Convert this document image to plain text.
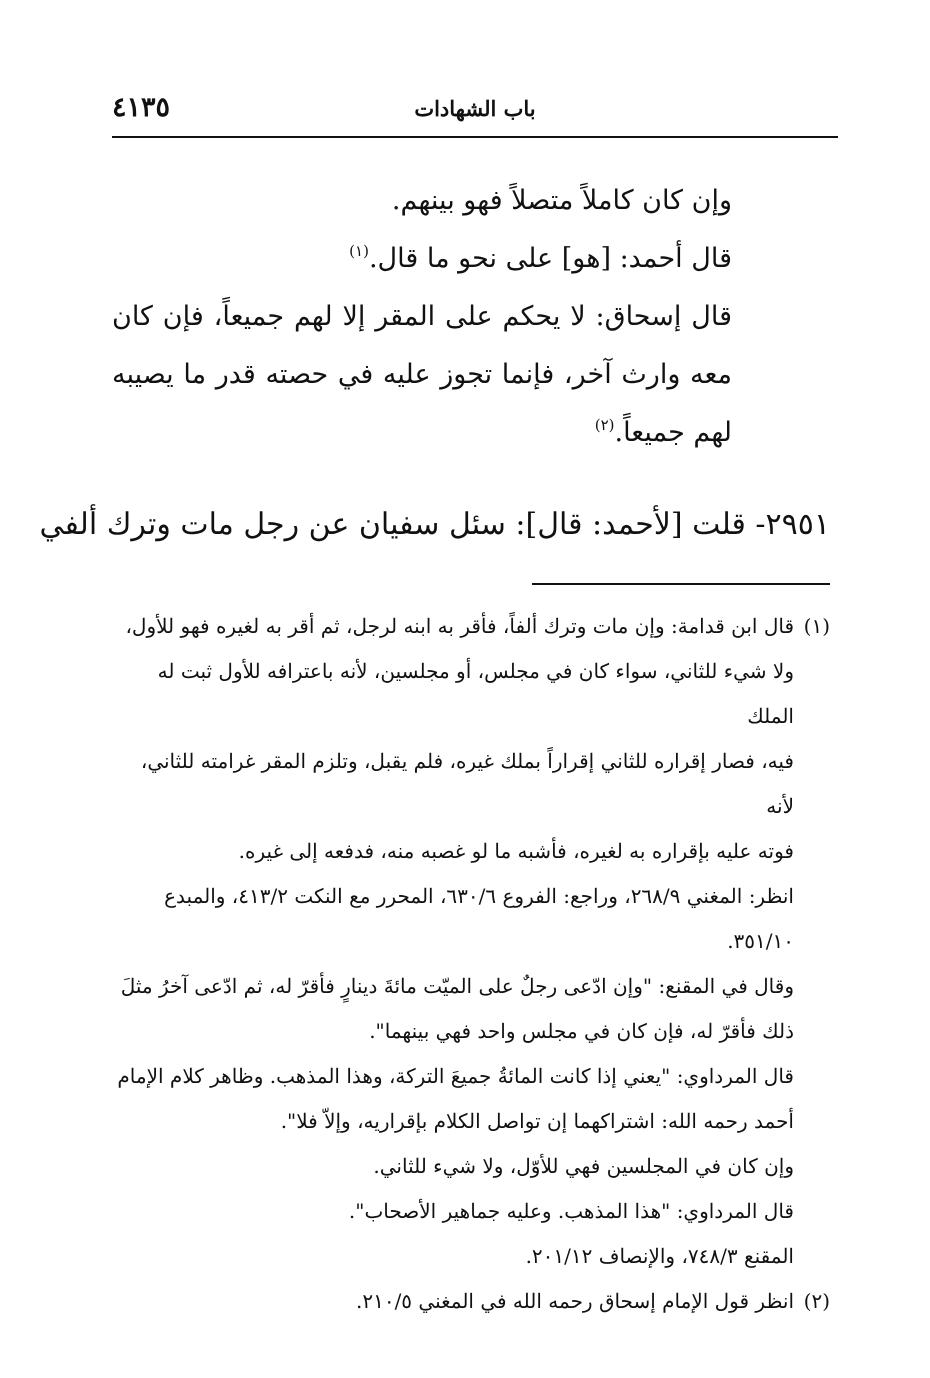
باب الشهادات
٤١٣٥

وإن كان كاملاً متصلاً فهو بينهم.

قال أحمد: [هو] على نحو ما قال.$^{(١)}$

قال إسحاق: لا يحكم على المقر إلا لهم جميعاً، فإن كان معه وارث آخر، فإنما تجوز عليه في حصته قدر ما يصيبه لهم جميعاً.$^{(٢)}$

٢٩٥١- قلت [لأحمد: قال]: سئل سفيان عن رجل مات وترك ألفي
(١)قال ابن قدامة: وإن مات وترك ألفاً، فأقر به ابنه لرجل، ثم أقر به لغيره فهو للأول،
ولا شيء للثاني، سواء كان في مجلس، أو مجلسين، لأنه باعترافه للأول ثبت له الملك
فيه، فصار إقراره للثاني إقراراً بملك غيره، فلم يقبل، وتلزم المقر غرامته للثاني، لأنه
فوته عليه بإقراره به لغيره، فأشبه ما لو غصبه منه، فدفعه إلى غيره.
انظر: المغني ٢٦٨/٩، وراجع: الفروع ٦٣٠/٦، المحرر مع النكت ٤١٣/٢، والمبدع
٣٥١/١٠.
وقال في المقنع: "وإن ادّعى رجلٌ على الميّت مائةَ دينارٍ فأقرّ له، ثم ادّعى آخرُ مثلَ
ذلك فأقرّ له، فإن كان في مجلس واحد فهي بينهما".
قال المرداوي: "يعني إذا كانت المائةُ جميعَ التركة، وهذا المذهب. وظاهر كلام الإمام
أحمد رحمه الله: اشتراكهما إن تواصل الكلام بإقراريه، وإلاّ فلا".
وإن كان في المجلسين فهي للأوّل، ولا شيء للثاني.
قال المرداوي: "هذا المذهب. وعليه جماهير الأصحاب".
المقنع ٧٤٨/٣، والإنصاف ٢٠١/١٢.
(٢)انظر قول الإمام إسحاق رحمه الله في المغني ٢١٠/٥.
